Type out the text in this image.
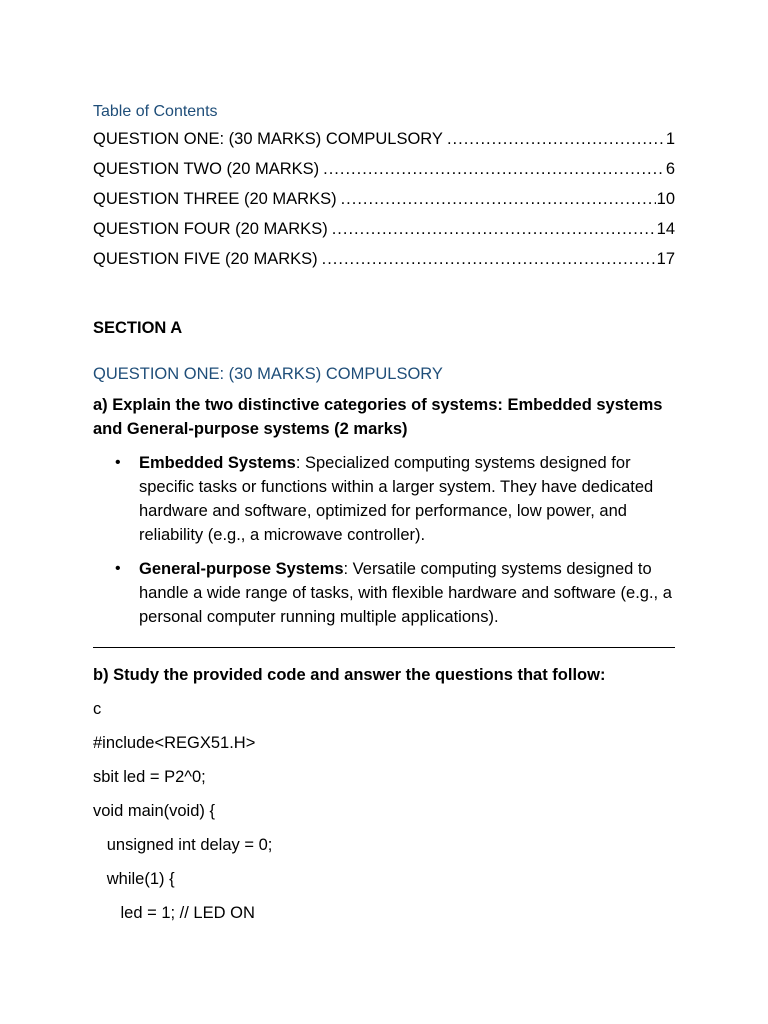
Table of Contents
QUESTION ONE: (30 MARKS) COMPULSORY .....	1
QUESTION TWO (20 MARKS) .....	6
QUESTION THREE (20 MARKS) .....	10
QUESTION FOUR (20 MARKS) .....	14
QUESTION FIVE (20 MARKS) .....	17
SECTION A
QUESTION ONE: (30 MARKS) COMPULSORY
a) Explain the two distinctive categories of systems: Embedded systems and General-purpose systems (2 marks)
• Embedded Systems: Specialized computing systems designed for specific tasks or functions within a larger system. They have dedicated hardware and software, optimized for performance, low power, and reliability (e.g., a microwave controller).
• General-purpose Systems: Versatile computing systems designed to handle a wide range of tasks, with flexible hardware and software (e.g., a personal computer running multiple applications).
b) Study the provided code and answer the questions that follow:
c
#include<REGX51.H>
sbit led = P2^0;
void main(void) {
unsigned int delay = 0;
while(1) {
led = 1; // LED ON
